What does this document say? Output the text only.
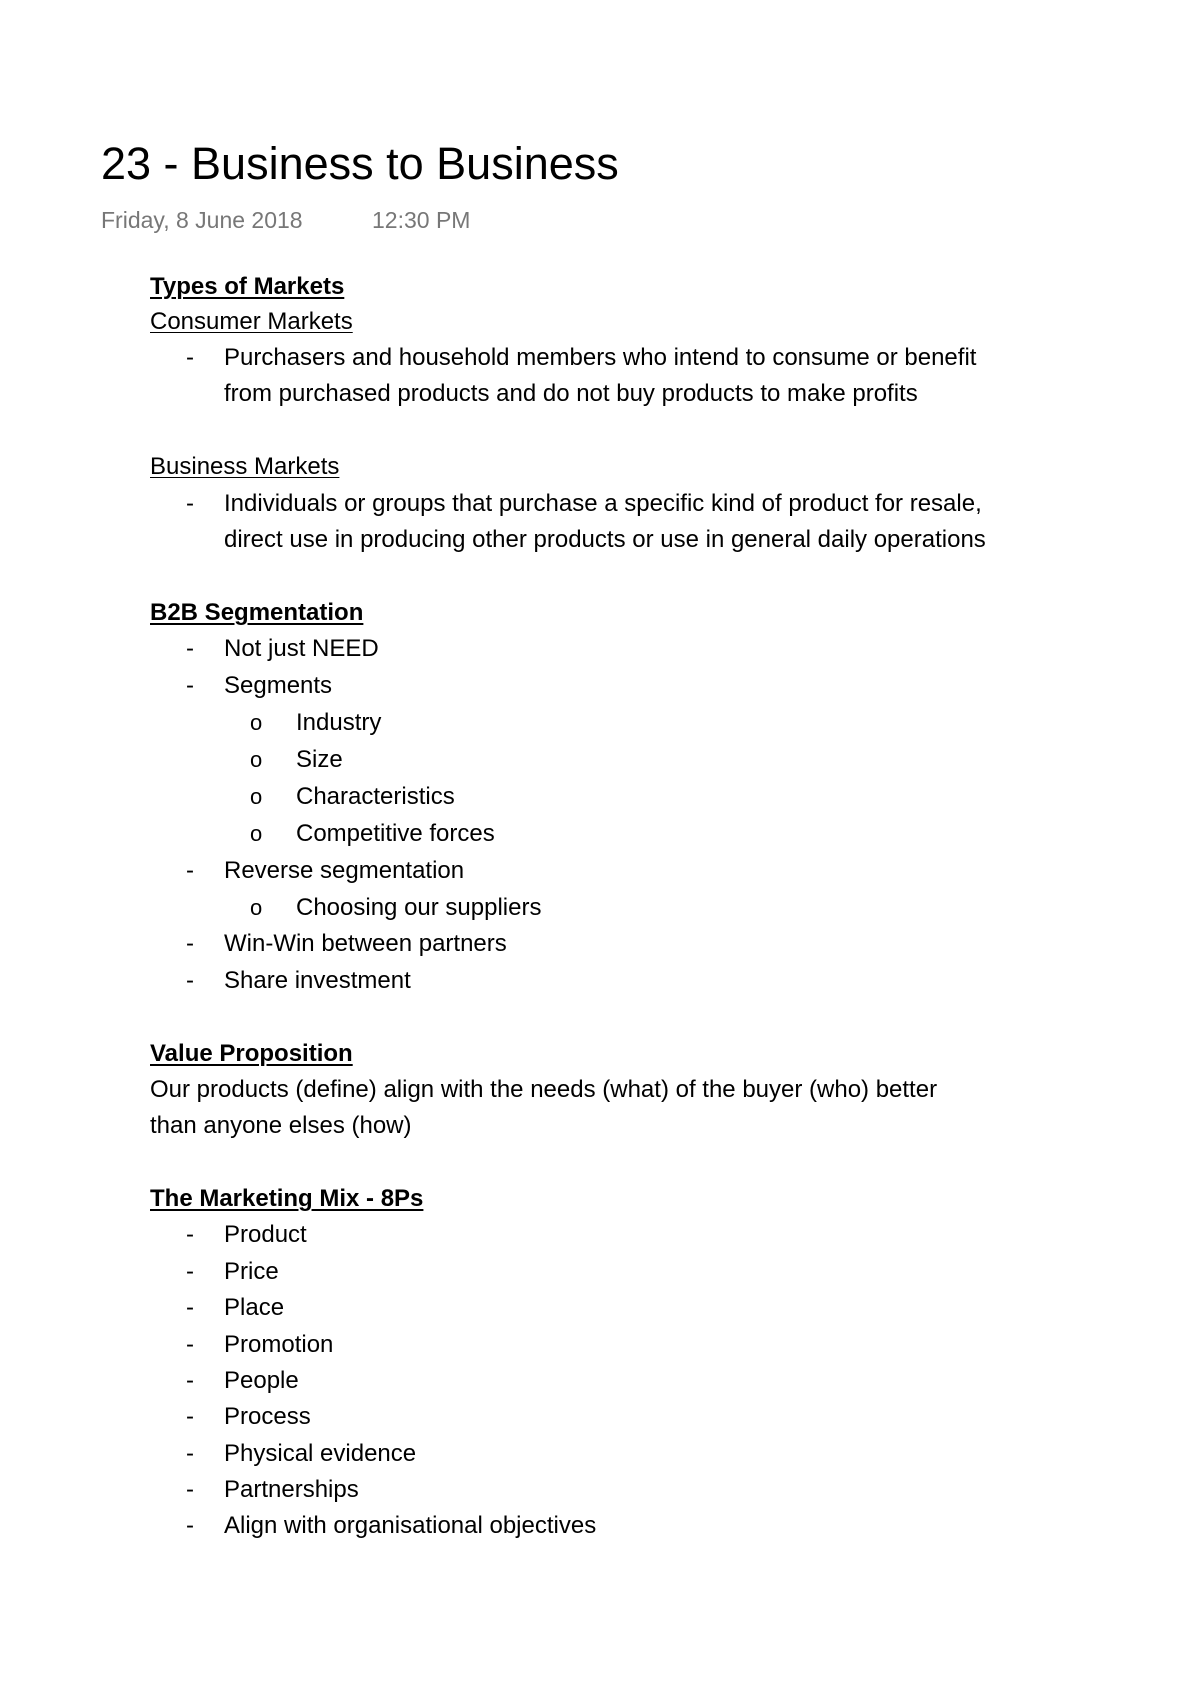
23 - Business to Business
Friday, 8 June 2018	12:30 PM
Types of Markets
Consumer Markets
- Purchasers and household members who intend to consume or benefit
from purchased products and do not buy products to make profits
Business Markets
- Individuals or groups that purchase a specific kind of product for resale,
direct use in producing other products or use in general daily operations
B2B Segmentation
- Not just NEED
- Segments
o Industry
o Size
o Characteristics
o Competitive forces
- Reverse segmentation
o Choosing our suppliers
- Win-Win between partners
- Share investment
Value Proposition
Our products (define) align with the needs (what) of the buyer (who) better
than anyone elses (how)
The Marketing Mix - 8Ps
- Product
- Price
- Place
- Promotion
- People
- Process
- Physical evidence
- Partnerships
- Align with organisational objectives
